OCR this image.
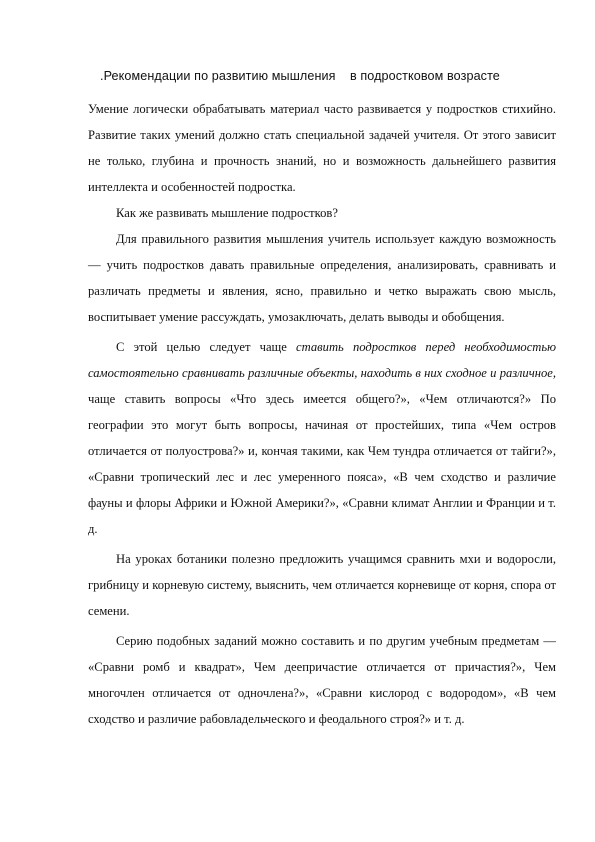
.Рекомендации по развитию мышления    в подростковом возрасте

Умение логически обрабатывать материал часто развивается у подростков стихийно. Развитие таких умений должно стать специальной задачей учителя. От этого зависит не только, глубина и прочность знаний, но и возможность дальнейшего развития интеллекта и особенностей подростка.

Как же развивать мышление подростков?

Для правильного развития мышления учитель использует каждую возможность — учить подростков давать правильные определения, анализировать, сравнивать и различать предметы и явления, ясно, правильно и четко выражать свою мысль, воспитывает умение рассуждать, умозаключать, делать выводы и обобщения.

С этой целью следует чаще ставить подростков перед необходимостью самостоятельно сравнивать различные объекты, находить в них сходное и различное, чаще ставить вопросы «Что здесь имеется общего?», «Чем отличаются?» По географии это могут быть вопросы, начиная от простейших, типа «Чем остров отличается от полуострова?» и, кончая такими, как Чем тундра отличается от тайги?», «Сравни тропический лес и лес умеренного пояса», «В чем сходство и различие фауны и флоры Африки и Южной Америки?», «Сравни климат Англии и Франции и т. д.

На уроках ботаники полезно предложить учащимся сравнить мхи и водоросли, грибницу и корневую систему, выяснить, чем отличается корневище от корня, спора от семени.

Серию подобных заданий можно составить и по другим учебным предметам — «Сравни ромб и квадрат», Чем деепричастие отличается от причастия?», Чем многочлен отличается от одночлена?», «Сравни кислород с водородом», «В чем сходство и различие рабовладельческого и феодального строя?» и т. д.
